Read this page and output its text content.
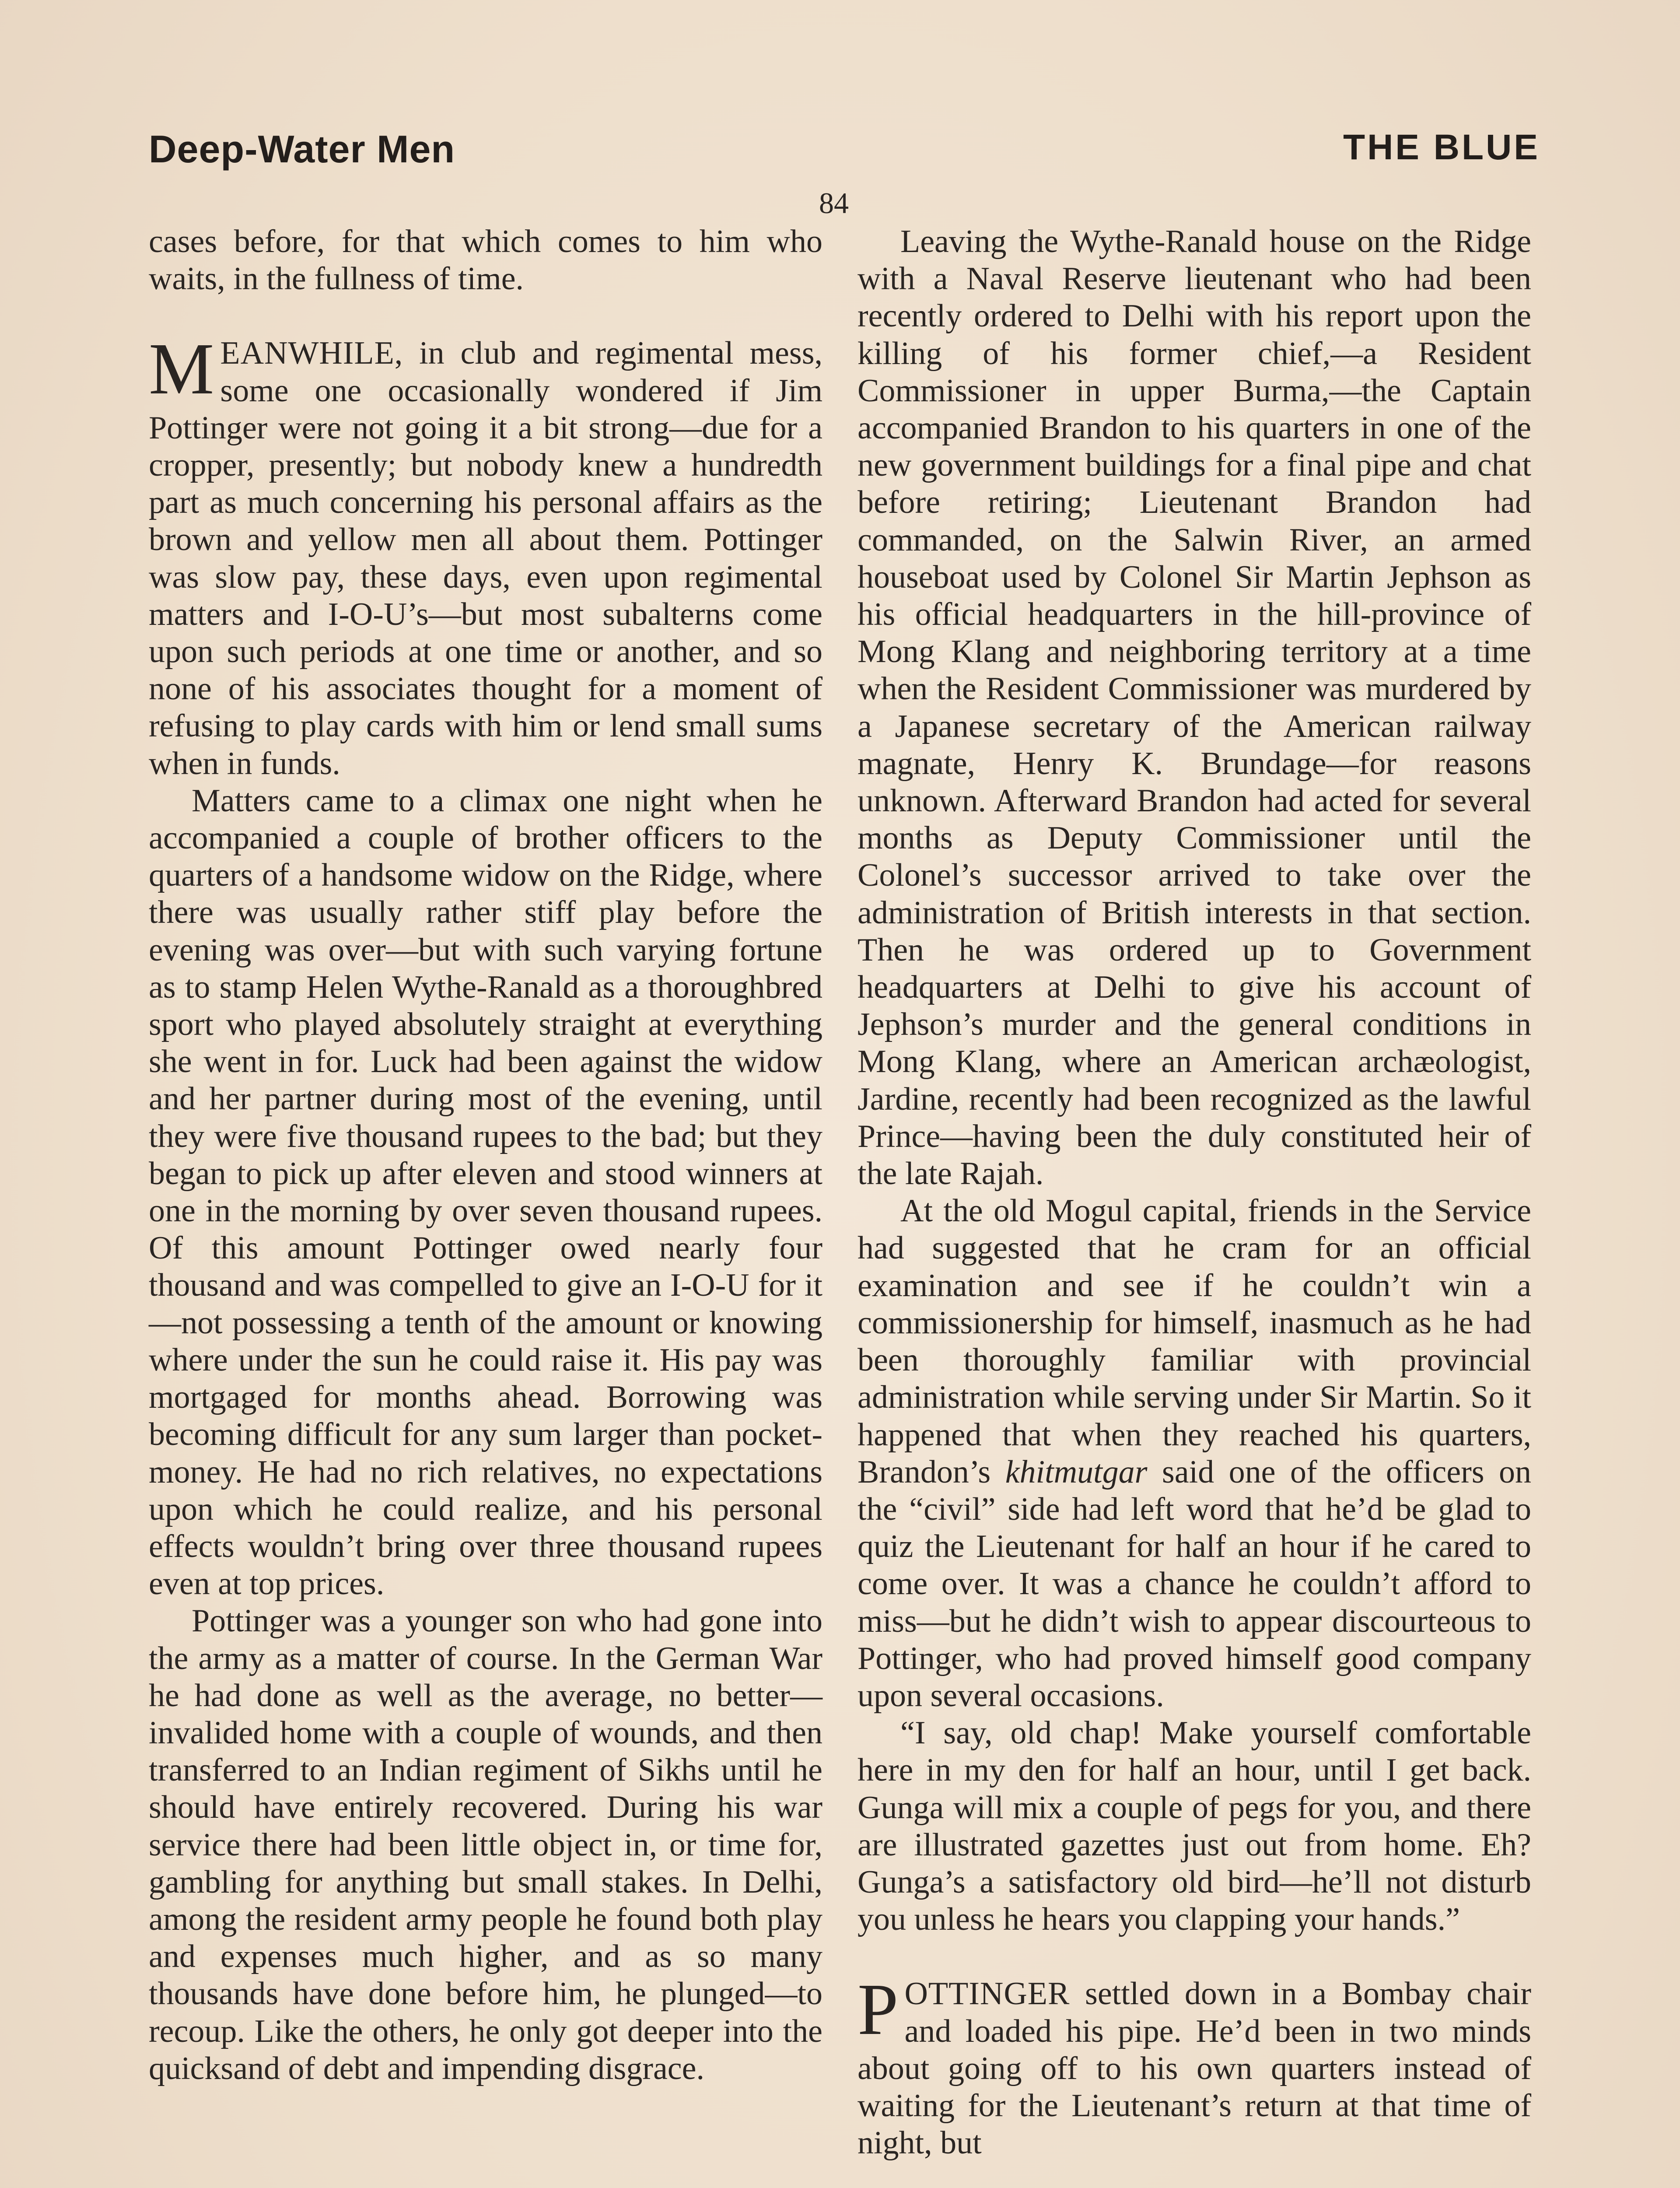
Deep-Water Men	THE BLUE
84

cases before, for that which comes to him who waits, in the fullness of time.

MEANWHILE, in club and regimental mess, some one occasionally wondered if Jim Pottinger were not going it a bit strong—due for a cropper, presently; but nobody knew a hundredth part as much concerning his personal affairs as the brown and yellow men all about them. Pottinger was slow pay, these days, even upon regimental matters and I-O-U’s—but most subalterns come upon such periods at one time or another, and so none of his associates thought for a moment of refusing to play cards with him or lend small sums when in funds.

Matters came to a climax one night when he accompanied a couple of brother officers to the quarters of a handsome widow on the Ridge, where there was usually rather stiff play before the evening was over—but with such varying fortune as to stamp Helen Wythe-Ranald as a thoroughbred sport who played absolutely straight at everything she went in for. Luck had been against the widow and her partner during most of the evening, until they were five thousand rupees to the bad; but they began to pick up after eleven and stood winners at one in the morning by over seven thousand rupees. Of this amount Pottinger owed nearly four thousand and was compelled to give an I-O-U for it—not possessing a tenth of the amount or knowing where under the sun he could raise it. His pay was mortgaged for months ahead. Borrowing was becoming difficult for any sum larger than pocket-money. He had no rich relatives, no expectations upon which he could realize, and his personal effects wouldn’t bring over three thousand rupees even at top prices.

Pottinger was a younger son who had gone into the army as a matter of course. In the German War he had done as well as the average, no better—invalided home with a couple of wounds, and then transferred to an Indian regiment of Sikhs until he should have entirely recovered. During his war service there had been little object in, or time for, gambling for anything but small stakes. In Delhi, among the resident army people he found both play and expenses much higher, and as so many thousands have done before him, he plunged—to recoup. Like the others, he only got deeper into the quicksand of debt and impending disgrace.

Leaving the Wythe-Ranald house on the Ridge with a Naval Reserve lieutenant who had been recently ordered to Delhi with his report upon the killing of his former chief,—a Resident Commissioner in upper Burma,—the Captain accompanied Brandon to his quarters in one of the new government buildings for a final pipe and chat before retiring; Lieutenant Brandon had commanded, on the Salwin River, an armed houseboat used by Colonel Sir Martin Jephson as his official headquarters in the hill-province of Mong Klang and neighboring territory at a time when the Resident Commissioner was murdered by a Japanese secretary of the American railway magnate, Henry K. Brundage—for reasons unknown. Afterward Brandon had acted for several months as Deputy Commissioner until the Colonel’s successor arrived to take over the administration of British interests in that section. Then he was ordered up to Government headquarters at Delhi to give his account of Jephson’s murder and the general conditions in Mong Klang, where an American archæologist, Jardine, recently had been recognized as the lawful Prince—having been the duly constituted heir of the late Rajah.

At the old Mogul capital, friends in the Service had suggested that he cram for an official examination and see if he couldn’t win a commissionership for himself, inasmuch as he had been thoroughly familiar with provincial administration while serving under Sir Martin. So it happened that when they reached his quarters, Brandon’s khitmutgar said one of the officers on the “civil” side had left word that he’d be glad to quiz the Lieutenant for half an hour if he cared to come over. It was a chance he couldn’t afford to miss—but he didn’t wish to appear discourteous to Pottinger, who had proved himself good company upon several occasions.

“I say, old chap! Make yourself comfortable here in my den for half an hour, until I get back. Gunga will mix a couple of pegs for you, and there are illustrated gazettes just out from home. Eh? Gunga’s a satisfactory old bird—he’ll not disturb you unless he hears you clapping your hands.”

POTTINGER settled down in a Bombay chair and loaded his pipe. He’d been in two minds about going off to his own quarters instead of waiting for the Lieutenant’s return at that time of night, but
